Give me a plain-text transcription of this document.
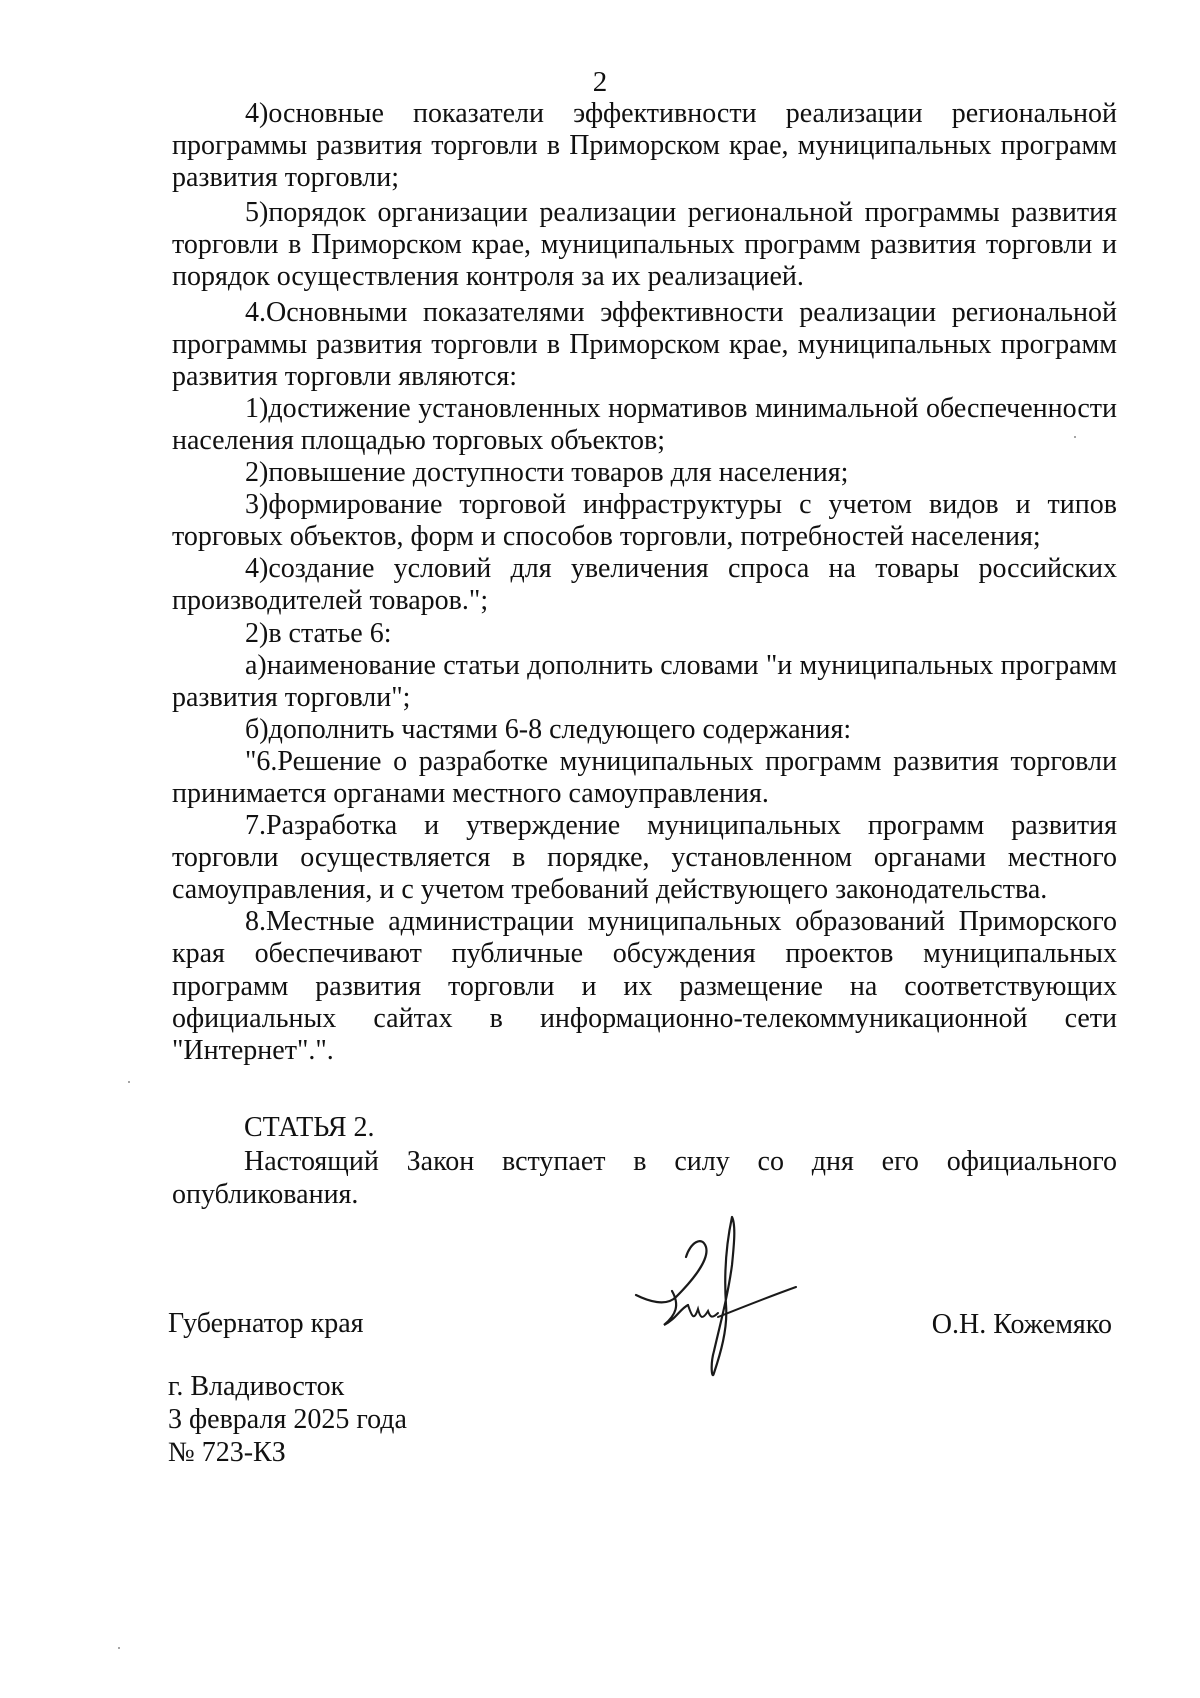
2

4)основные показатели эффективности реализации региональной программы развития торговли в Приморском крае, муниципальных программ развития торговли;

5)порядок организации реализации региональной программы развития торговли в Приморском крае, муниципальных программ развития торговли и порядок осуществления контроля за их реализацией.

4.Основными показателями эффективности реализации региональной программы развития торговли в Приморском крае, муниципальных программ развития торговли являются:

1)достижение установленных нормативов минимальной обеспеченности населения площадью торговых объектов;

2)повышение доступности товаров для населения;

3)формирование торговой инфраструктуры с учетом видов и типов торговых объектов, форм и способов торговли, потребностей населения;

4)создание условий для увеличения спроса на товары российских производителей товаров.";

2)в статье 6:

а)наименование статьи дополнить словами "и муниципальных программ развития торговли";

б)дополнить частями 6-8 следующего содержания:

"6.Решение о разработке муниципальных программ развития торговли принимается органами местного самоуправления.

7.Разработка и утверждение муниципальных программ развития торговли осуществляется в порядке, установленном органами местного самоуправления, и с учетом требований действующего законодательства.

8.Местные администрации муниципальных образований Приморского края обеспечивают публичные обсуждения проектов муниципальных программ развития торговли и их размещение на соответствующих официальных сайтах в информационно-телекоммуникационной сети "Интернет".".

СТАТЬЯ 2.

Настоящий Закон вступает в силу со дня его официального опубликования.

Губернатор края	О.Н. Кожемяко
г. Владивосток
3 февраля 2025 года
№ 723-КЗ
